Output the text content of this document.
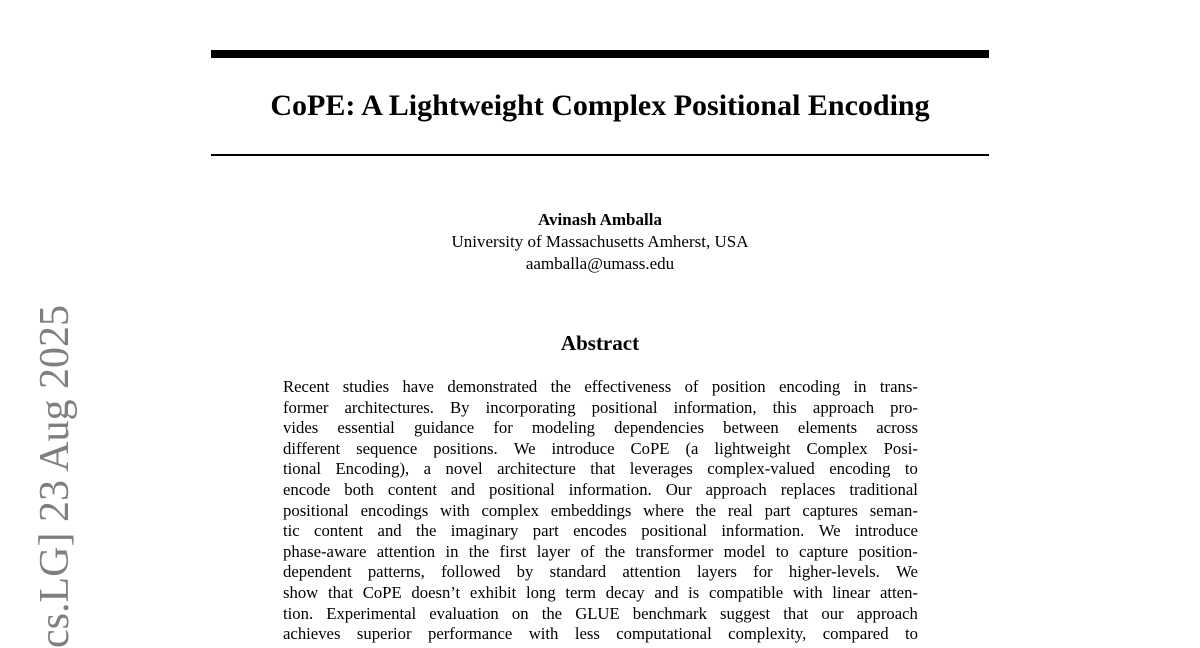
CoPE: A Lightweight Complex Positional Encoding
Avinash Amballa
University of Massachusetts Amherst, USA
aamballa@umass.edu
Abstract
Recent studies have demonstrated the effectiveness of position encoding in trans-
former architectures. By incorporating positional information, this approach pro-
vides essential guidance for modeling dependencies between elements across
different sequence positions. We introduce CoPE (a lightweight Complex Posi-
tional Encoding), a novel architecture that leverages complex-valued encoding to
encode both content and positional information. Our approach replaces traditional
positional encodings with complex embeddings where the real part captures seman-
tic content and the imaginary part encodes positional information. We introduce
phase-aware attention in the first layer of the transformer model to capture position-
dependent patterns, followed by standard attention layers for higher-levels. We
show that CoPE doesn’t exhibit long term decay and is compatible with linear atten-
tion. Experimental evaluation on the GLUE benchmark suggest that our approach
achieves superior performance with less computational complexity, compared to
cs.LG] 23 Aug 2025
